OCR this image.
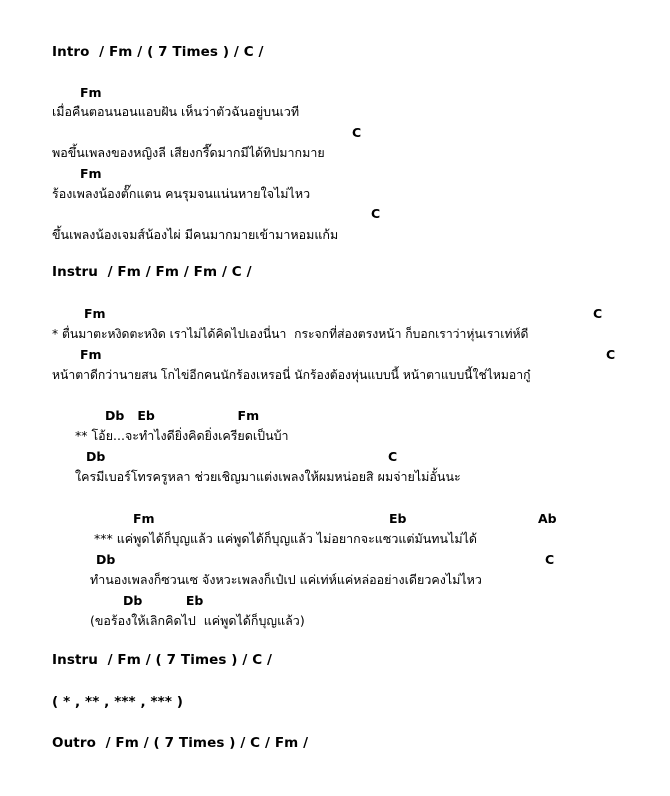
Intro  / Fm / ( 7 Times ) / C /
Fm
เมื่อคืนตอนนอนแอบฝัน เห็นว่าตัวฉันอยู่บนเวที
C
พอขึ้นเพลงของหญิงลี เสียงกรี๊ดมากมีได้ทิปมากมาย
Fm
ร้องเพลงน้องตั๊กแตน คนรุมจนแน่นหายใจไม่ไหว
C
ขึ้นเพลงน้องเจมส์น้องไผ่ มีคนมากมายเข้ามาหอมแก้ม
Instru  / Fm / Fm / Fm / C /
Fm	C
* ตื่นมาตะหงิดตะหงิด เราไม่ได้คิดไปเองนี่นา  กระจกที่ส่องตรงหน้า ก็บอกเราว่าหุ่นเราเท่ห์ดี
Fm	C
หน้าตาดีกว่านายสน โกไข่อีกคนนักร้องเหรอนี่ นักร้องต้องหุ่นแบบนี้ หน้าตาแบบนี้ใช่ไหมอากู๋
Db   Eb                   Fm
** โอ้ย...จะทำไงดียิ่งคิดยิ่งเครียดเป็นบ้า
Db	C
ใครมีเบอร์โทรครูหลา ช่วยเชิญมาแต่งเพลงให้ผมหน่อยสิ ผมจ่ายไม่อั้นนะ
Fm	Eb	Ab
*** แค่พูดได้ก็บุญแล้ว แค่พูดได้ก็บุญแล้ว ไม่อยากจะแซวแต่มันทนไม่ได้
Db	C
ทำนองเพลงก็ซวนเซ จังหวะเพลงก็เป๋เป แค่เท่ห์แค่หล่ออย่างเดียวคงไม่ไหว
Db          Eb
(ขอร้องให้เลิกคิดไป  แค่พูดได้ก็บุญแล้ว)
Instru  / Fm / ( 7 Times ) / C /
( * , ** , *** , *** )
Outro  / Fm / ( 7 Times ) / C / Fm /
